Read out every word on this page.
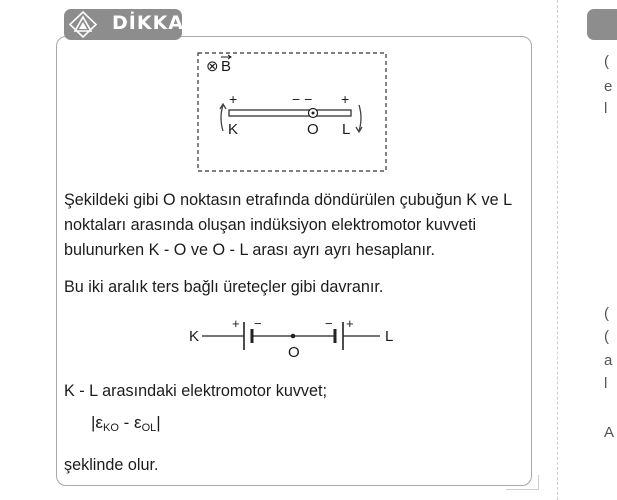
DİKKAT
⊗ B
+	− − +
K	O L
Şekildeki gibi O noktasın etrafında döndürülen çubuğun K ve L noktaları arasında oluşan indüksiyon elektromotor kuvveti bulunurken K - O ve O - L arası ayrı ayrı hesaplanır.
Bu iki aralık ters bağlı üreteçler gibi davranır.
K
+ −
O
− +
L
K - L arasındaki elektromotor kuvvet;
$|\varepsilon_{KO} - \varepsilon_{OL}|$
şeklinde olur.
(
e
l
(
(
a
l
A
